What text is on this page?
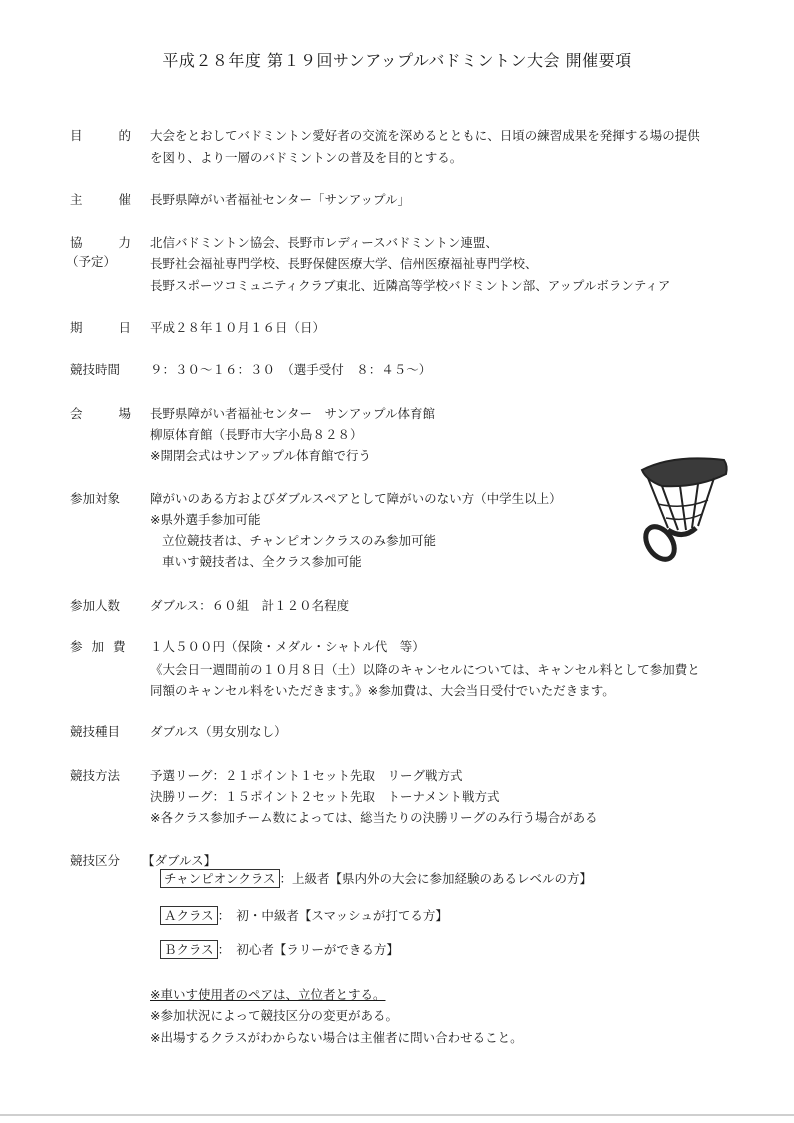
平成２８年度 第１９回サンアップルバドミントン大会 開催要項
目的
大会をとおしてバドミントン愛好者の交流を深めるとともに、日頃の練習成果を発揮する場の提供
を図り、より一層のバドミントンの普及を目的とする。
主催
長野県障がい者福祉センター「サンアップル」
協力
（予定）
北信バドミントン協会、長野市レディースバドミントン連盟、
長野社会福祉専門学校、長野保健医療大学、信州医療福祉専門学校、
長野スポーツコミュニティクラブ東北、近隣高等学校バドミントン部、アップルボランティア
期日
平成２８年１０月１６日（日）
競技時間 ９：３０～１６：３０　（選手受付　８：４５～）
会場
長野県障がい者福祉センター　サンアップル体育館
柳原体育館（長野市大字小島８２８）
※開閉会式はサンアップル体育館で行う
参加対象 障がいのある方およびダブルスペアとして障がいのない方（中学生以上）
※県外選手参加可能
立位競技者は、チャンピオンクラスのみ参加可能
車いす競技者は、全クラス参加可能
参加人数 ダブルス：６０組　計１２０名程度
参加費 １人５００円（保険・メダル・シャトル代　等）
《大会日一週間前の１０月８日（土）以降のキャンセルについては、キャンセル料として参加費と
同額のキャンセル料をいただきます。》※参加費は、大会当日受付でいただきます。
競技種目 ダブルス（男女別なし）
競技方法 予選リーグ：２１ポイント１セット先取　リーグ戦方式
決勝リーグ：１５ポイント２セット先取　トーナメント戦方式
※各クラス参加チーム数によっては、総当たりの決勝リーグのみ行う場合がある
競技区分 【ダブルス】
チャンピオンクラス ：上級者【県内外の大会に参加経験のあるレベルの方】
Ａクラス ：　初・中級者【スマッシュが打てる方】
Ｂクラス ：　初心者【ラリーができる方】
※車いす使用者のペアは、立位者とする。
※参加状況によって競技区分の変更がある。
※出場するクラスがわからない場合は主催者に問い合わせること。
